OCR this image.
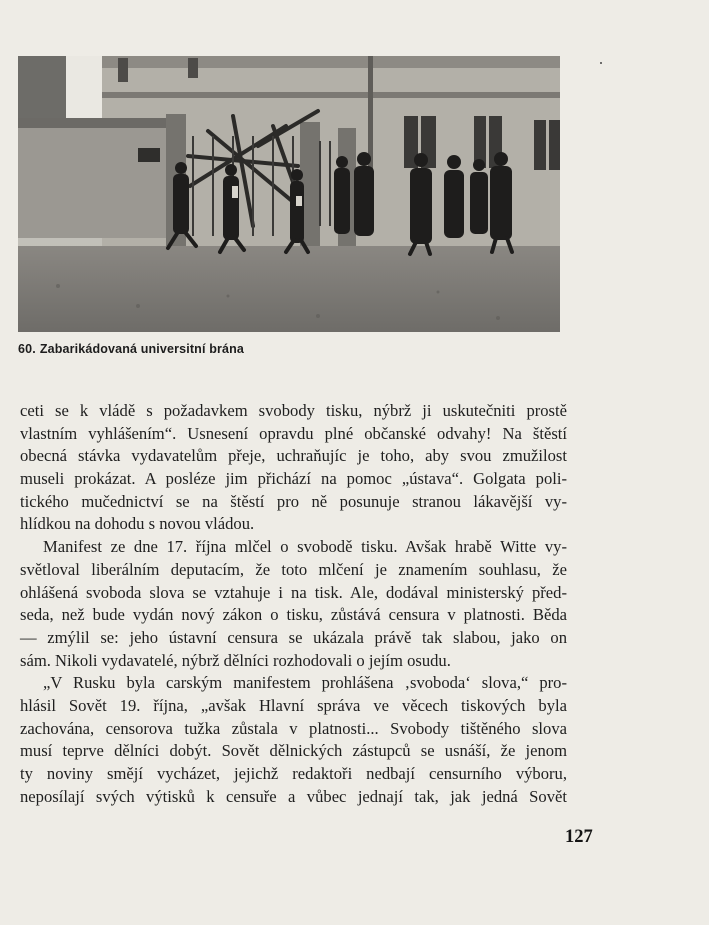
60. Zabarikádovaná universitní brána
ceti se k vládě s požadavkem svobody tisku, nýbrž ji uskutečniti prostě
vlastním vyhlášením“. Usnesení opravdu plné občanské odvahy! Na štěstí
obecná stávka vydavatelům přeje, uchraňujíc je toho, aby svou zmužilost
museli prokázat. A posléze jim přichází na pomoc „ústava“. Golgata poli-
tického mučednictví se na štěstí pro ně posunuje stranou lákavější vy-
hlídkou na dohodu s novou vládou.
Manifest ze dne 17. října mlčel o svobodě tisku. Avšak hrabě Witte vy-
světloval liberálním deputacím, že toto mlčení je znamením souhlasu, že
ohlášená svoboda slova se vztahuje i na tisk. Ale, dodával ministerský před-
seda, než bude vydán nový zákon o tisku, zůstává censura v platnosti. Běda
— zmýlil se: jeho ústavní censura se ukázala právě tak slabou, jako on
sám. Nikoli vydavatelé, nýbrž dělníci rozhodovali o jejím osudu.
„V Rusku byla carským manifestem prohlášena ‚svoboda‘ slova,“ pro-
hlásil Sovět 19. října, „avšak Hlavní správa ve věcech tiskových byla
zachována, censorova tužka zůstala v platnosti... Svobody tištěného slova
musí teprve dělníci dobýt. Sovět dělnických zástupců se usnáší, že jenom
ty noviny smějí vycházet, jejichž redaktoři nedbají censurního výboru,
neposílají svých výtisků k censuře a vůbec jednají tak, jak jedná Sovět
127
